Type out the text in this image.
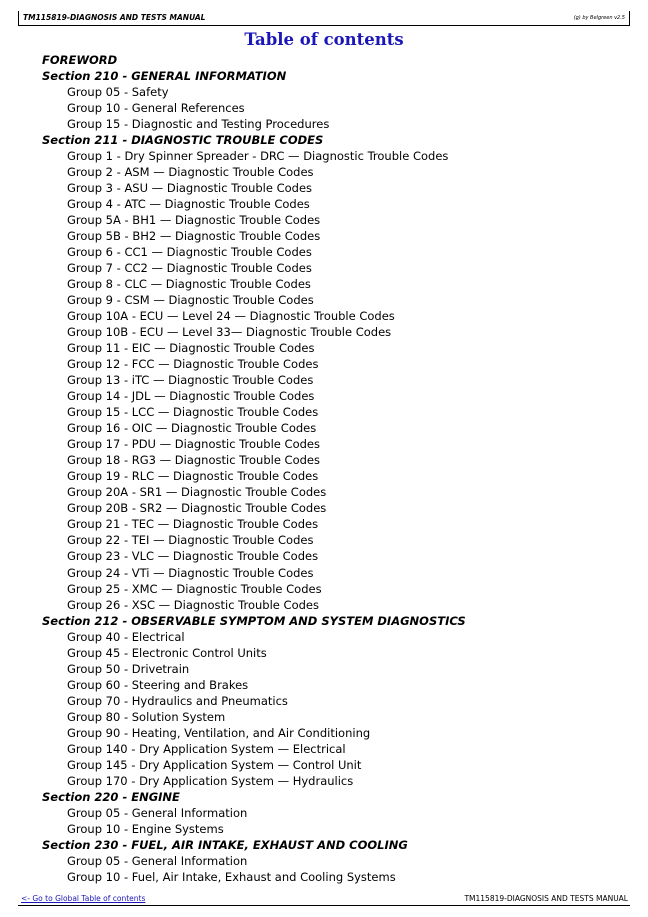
TM115819-DIAGNOSIS AND TESTS MANUAL	(g) by Belgreen v2.5
Table of contents
FOREWORD
Section 210 - GENERAL INFORMATION
Group 05 - Safety
Group 10 - General References
Group 15 - Diagnostic and Testing Procedures
Section 211 - DIAGNOSTIC TROUBLE CODES
Group 1 - Dry Spinner Spreader - DRC — Diagnostic Trouble Codes
Group 2 - ASM — Diagnostic Trouble Codes
Group 3 - ASU — Diagnostic Trouble Codes
Group 4 - ATC — Diagnostic Trouble Codes
Group 5A - BH1 — Diagnostic Trouble Codes
Group 5B - BH2 — Diagnostic Trouble Codes
Group 6 - CC1 — Diagnostic Trouble Codes
Group 7 - CC2 — Diagnostic Trouble Codes
Group 8 - CLC — Diagnostic Trouble Codes
Group 9 - CSM — Diagnostic Trouble Codes
Group 10A - ECU — Level 24 — Diagnostic Trouble Codes
Group 10B - ECU — Level 33— Diagnostic Trouble Codes
Group 11 - EIC — Diagnostic Trouble Codes
Group 12 - FCC — Diagnostic Trouble Codes
Group 13 - iTC — Diagnostic Trouble Codes
Group 14 - JDL — Diagnostic Trouble Codes
Group 15 - LCC — Diagnostic Trouble Codes
Group 16 - OIC — Diagnostic Trouble Codes
Group 17 - PDU — Diagnostic Trouble Codes
Group 18 - RG3 — Diagnostic Trouble Codes
Group 19 - RLC — Diagnostic Trouble Codes
Group 20A - SR1 — Diagnostic Trouble Codes
Group 20B - SR2 — Diagnostic Trouble Codes
Group 21 - TEC — Diagnostic Trouble Codes
Group 22 - TEI — Diagnostic Trouble Codes
Group 23 - VLC — Diagnostic Trouble Codes
Group 24 - VTi — Diagnostic Trouble Codes
Group 25 - XMC — Diagnostic Trouble Codes
Group 26 - XSC — Diagnostic Trouble Codes
Section 212 - OBSERVABLE SYMPTOM AND SYSTEM DIAGNOSTICS
Group 40 - Electrical
Group 45 - Electronic Control Units
Group 50 - Drivetrain
Group 60 - Steering and Brakes
Group 70 - Hydraulics and Pneumatics
Group 80 - Solution System
Group 90 - Heating, Ventilation, and Air Conditioning
Group 140 - Dry Application System — Electrical
Group 145 - Dry Application System — Control Unit
Group 170 - Dry Application System — Hydraulics
Section 220 - ENGINE
Group 05 - General Information
Group 10 - Engine Systems
Section 230 - FUEL, AIR INTAKE, EXHAUST AND COOLING
Group 05 - General Information
Group 10 - Fuel, Air Intake, Exhaust and Cooling Systems
<- Go to Global Table of contents	TM115819-DIAGNOSIS AND TESTS MANUAL
